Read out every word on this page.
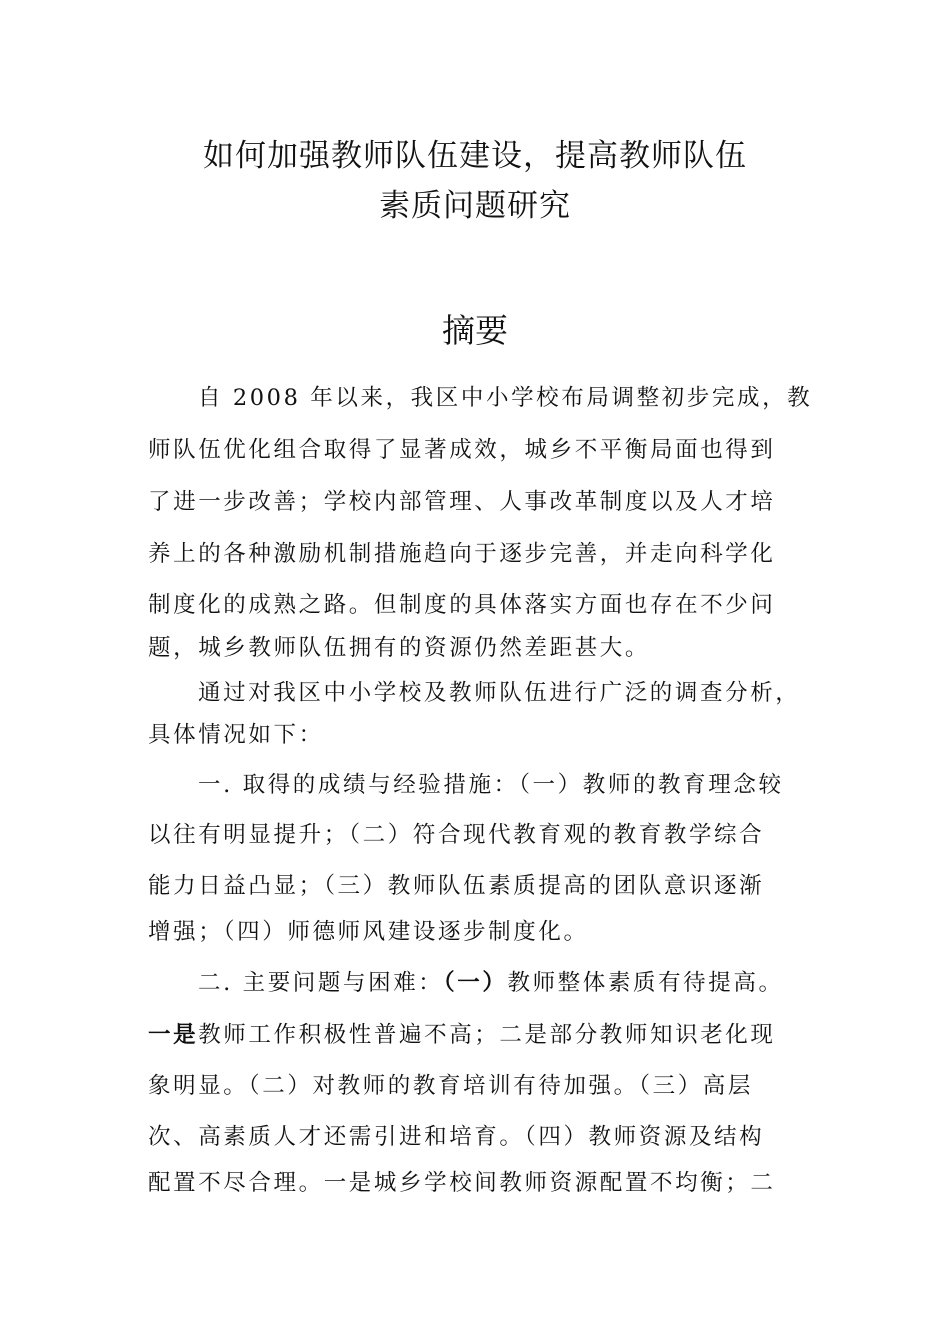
如何加强教师队伍建设，提高教师队伍
素质问题研究
摘要
自 2008 年以来，我区中小学校布局调整初步完成，教
师队伍优化组合取得了显著成效，城乡不平衡局面也得到
了进一步改善；学校内部管理、人事改革制度以及人才培
养上的各种激励机制措施趋向于逐步完善，并走向科学化
制度化的成熟之路。但制度的具体落实方面也存在不少问
题，城乡教师队伍拥有的资源仍然差距甚大。
通过对我区中小学校及教师队伍进行广泛的调查分析，
具体情况如下：
一. 取得的成绩与经验措施：（一）教师的教育理念较
以往有明显提升；（二）符合现代教育观的教育教学综合
能力日益凸显；（三）教师队伍素质提高的团队意识逐渐
增强；（四）师德师风建设逐步制度化。
二. 主要问题与困难：（一）教师整体素质有待提高。
一是教师工作积极性普遍不高；二是部分教师知识老化现
象明显。（二）对教师的教育培训有待加强。（三）高层
次、高素质人才还需引进和培育。（四）教师资源及结构
配置不尽合理。一是城乡学校间教师资源配置不均衡；二
